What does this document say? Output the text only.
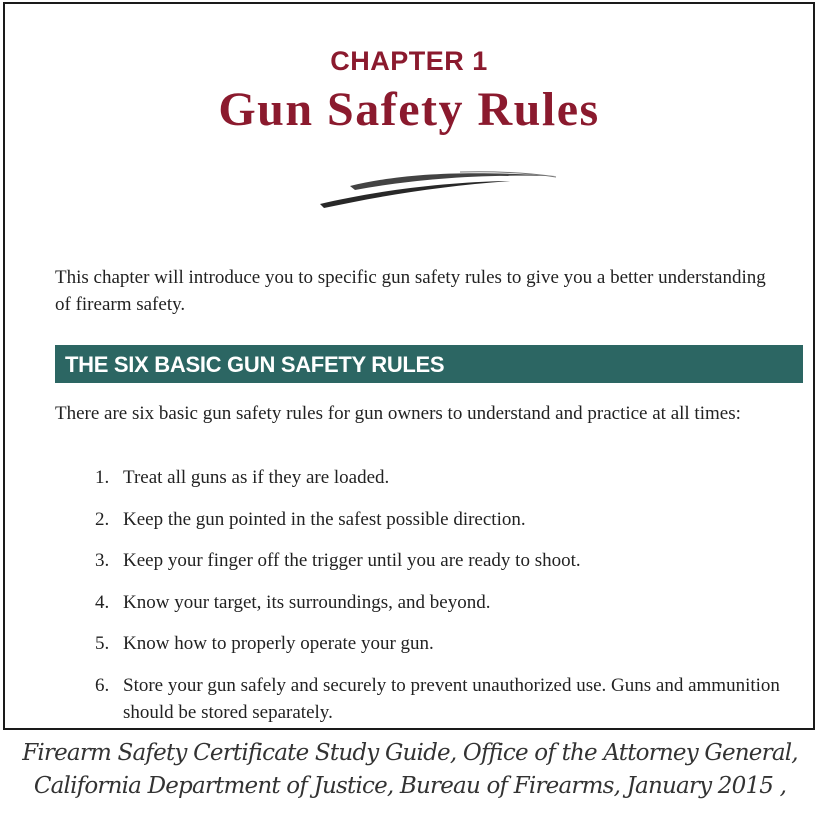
CHAPTER 1
Gun Safety Rules

This chapter will introduce you to specific gun safety rules to give you a better understanding of firearm safety.

THE SIX BASIC GUN SAFETY RULES

There are six basic gun safety rules for gun owners to understand and practice at all times:

1. Treat all guns as if they are loaded.
2. Keep the gun pointed in the safest possible direction.
3. Keep your finger off the trigger until you are ready to shoot.
4. Know your target, its surroundings, and beyond.
5. Know how to properly operate your gun.
6. Store your gun safely and securely to prevent unauthorized use. Guns and ammunition should be stored separately.
Firearm Safety Certificate Study Guide, Office of the Attorney General,
California Department of Justice, Bureau of Firearms, January 2015 ,
